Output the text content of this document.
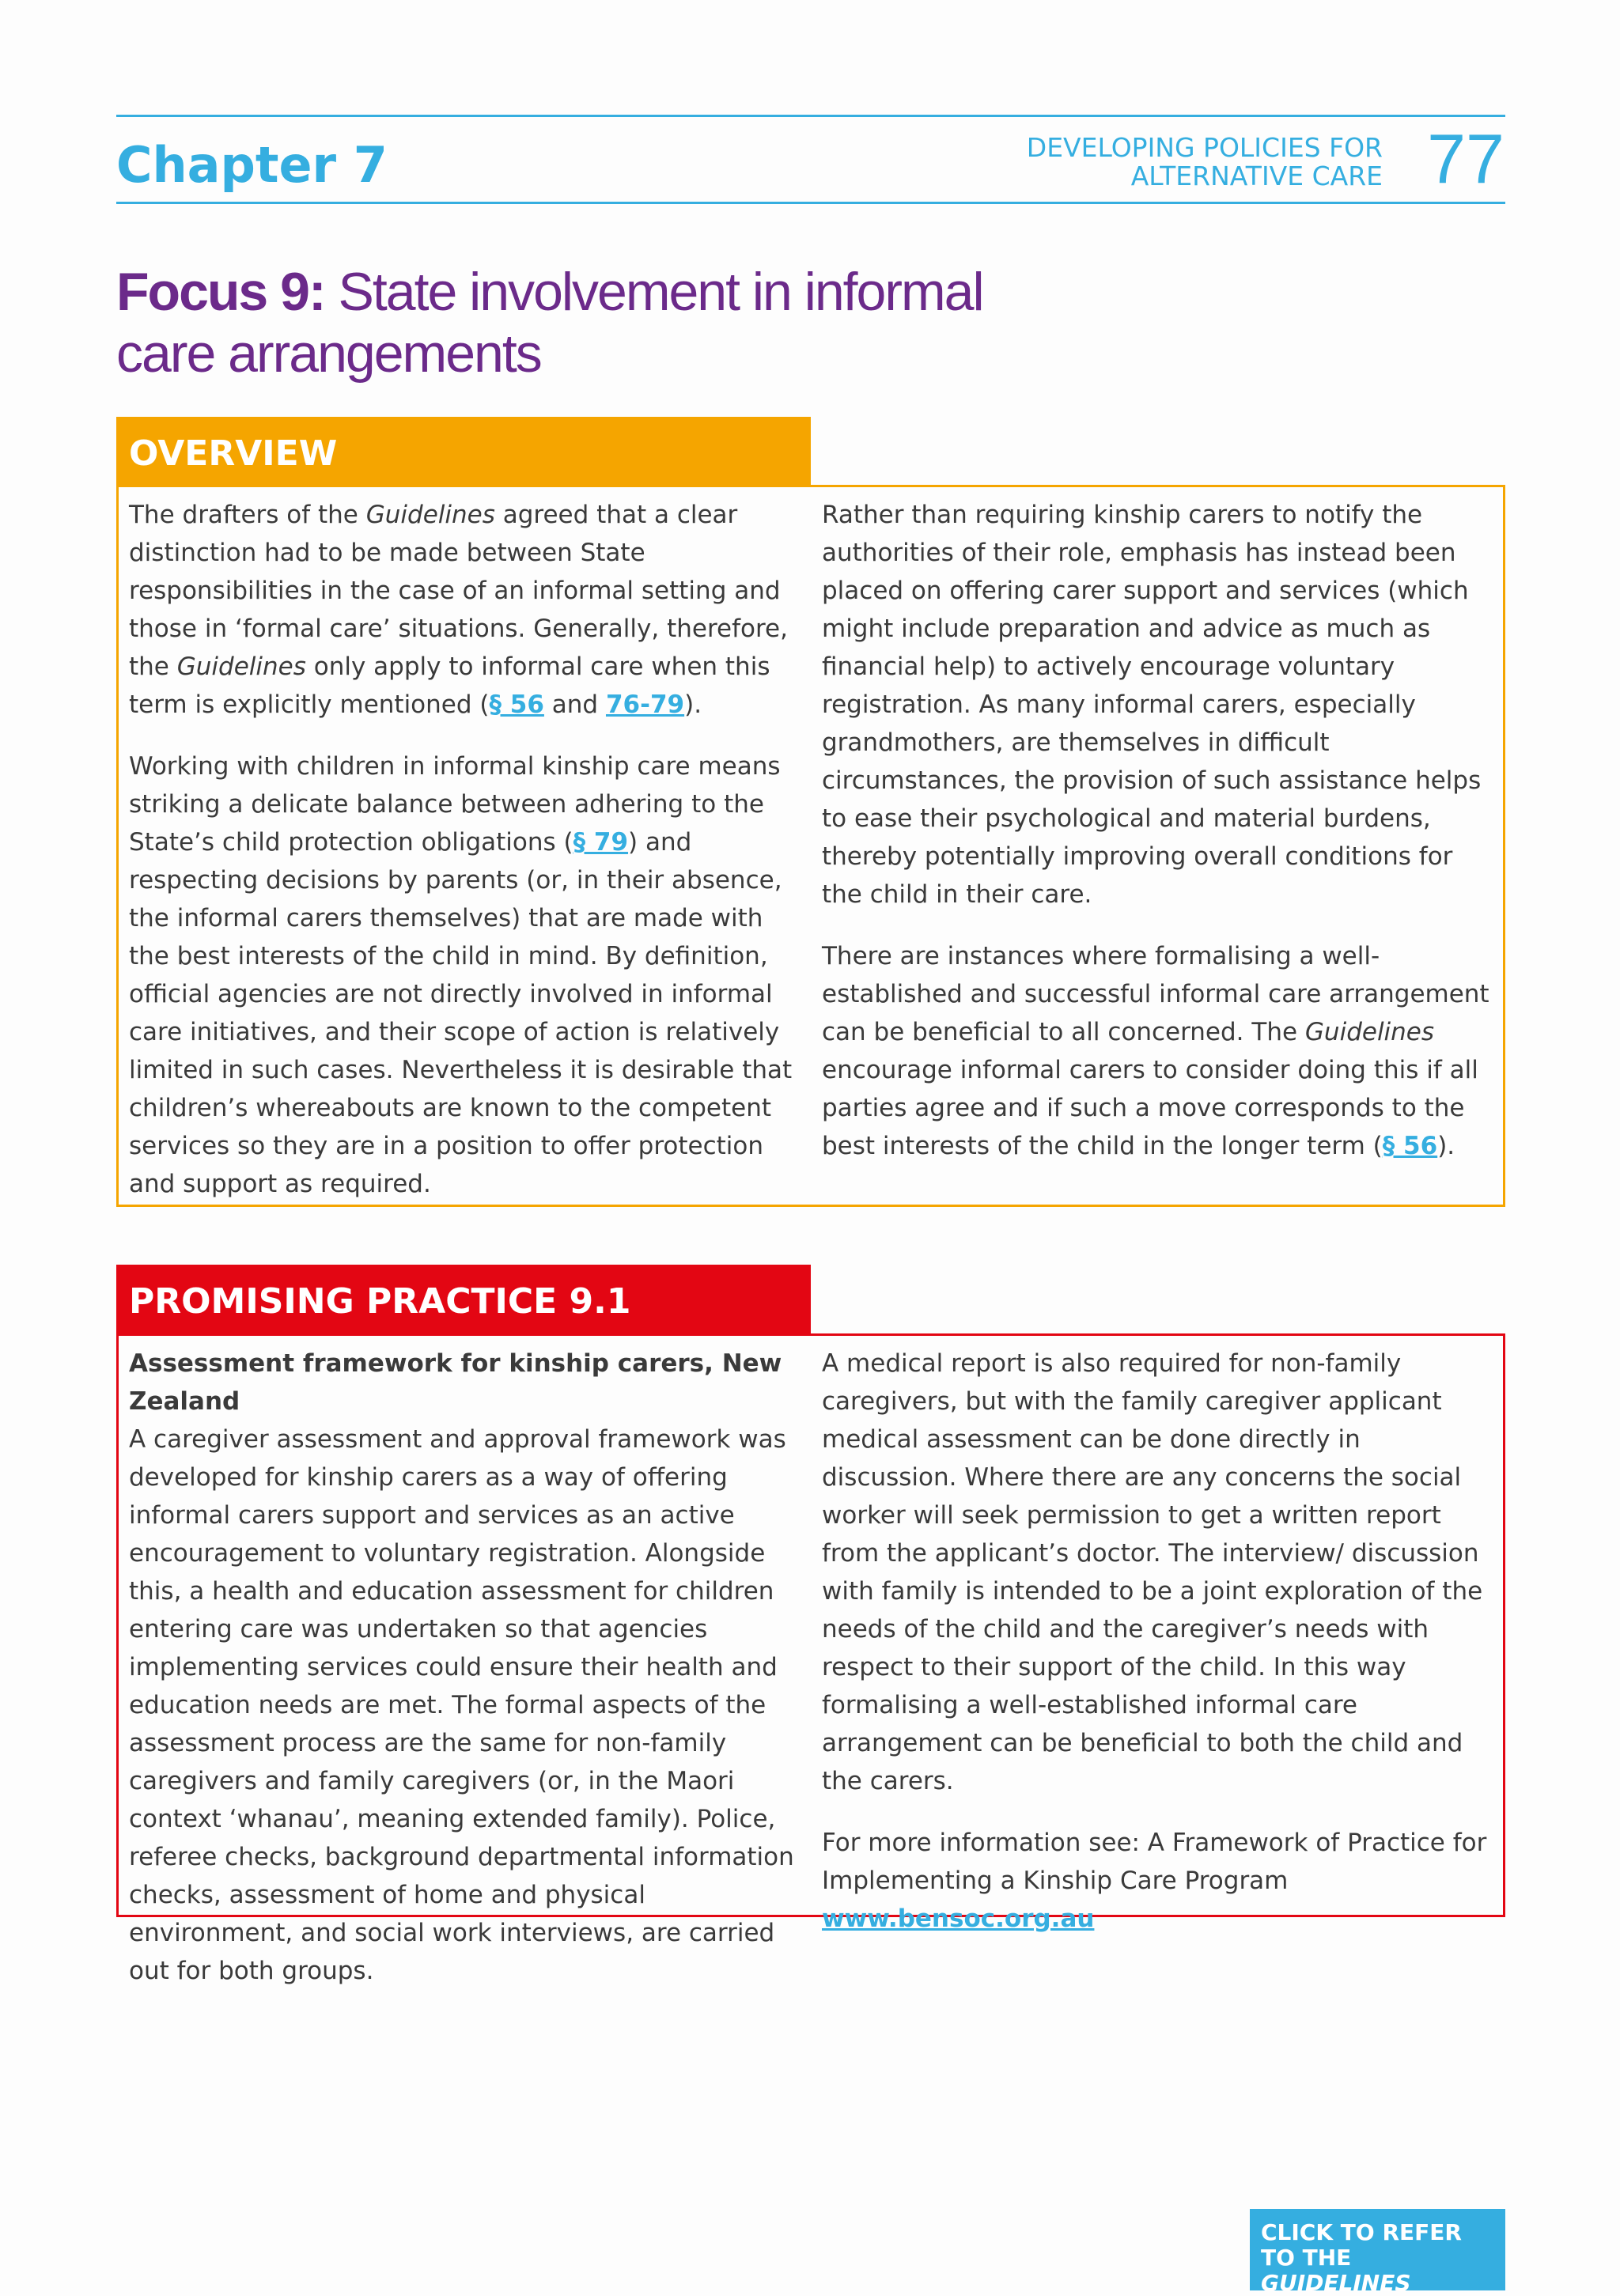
Chapter 7	DEVELOPING POLICIES FOR
ALTERNATIVE CARE 77
Focus 9: State involvement in informal
care arrangements
OVERVIEW

The drafters of the Guidelines agreed that a clear distinction had to be made between State responsibilities in the case of an informal setting and those in ‘formal care’ situations. Generally, therefore, the Guidelines only apply to informal care when this term is explicitly mentioned (§ 56 and 76-79).

Working with children in informal kinship care means striking a delicate balance between adhering to the State’s child protection obligations (§ 79) and respecting decisions by parents (or, in their absence, the informal carers themselves) that are made with the best interests of the child in mind. By definition, official agencies are not directly involved in informal care initiatives, and their scope of action is relatively limited in such cases. Nevertheless it is desirable that children’s whereabouts are known to the competent services so they are in a position to offer protection and support as required.

Rather than requiring kinship carers to notify the authorities of their role, emphasis has instead been placed on offering carer support and services (which might include preparation and advice as much as financial help) to actively encourage voluntary registration. As many informal carers, especially grandmothers, are themselves in difficult circumstances, the provision of such assistance helps to ease their psychological and material burdens, thereby potentially improving overall conditions for the child in their care.

There are instances where formalising a well-established and successful informal care arrangement can be beneficial to all concerned. The Guidelines encourage informal carers to consider doing this if all parties agree and if such a move corresponds to the best interests of the child in the longer term (§ 56).

PROMISING PRACTICE 9.1

Assessment framework for kinship carers, New Zealand
A caregiver assessment and approval framework was developed for kinship carers as a way of offering informal carers support and services as an active encouragement to voluntary registration. Alongside this, a health and education assessment for children entering care was undertaken so that agencies implementing services could ensure their health and education needs are met. The formal aspects of the assessment process are the same for non-family caregivers and family caregivers (or, in the Maori context ‘whanau’, meaning extended family). Police, referee checks, background departmental information checks, assessment of home and physical environment, and social work interviews, are carried out for both groups.

A medical report is also required for non-family caregivers, but with the family caregiver applicant medical assessment can be done directly in discussion. Where there are any concerns the social worker will seek permission to get a written report from the applicant’s doctor. The interview/ discussion with family is intended to be a joint exploration of the needs of the child and the caregiver’s needs with respect to their support of the child. In this way formalising a well-established informal care arrangement can be beneficial to both the child and the carers.

For more information see: A Framework of Practice for Implementing a Kinship Care Program www.bensoc.org.au

CLICK TO REFER
TO THE GUIDELINES
